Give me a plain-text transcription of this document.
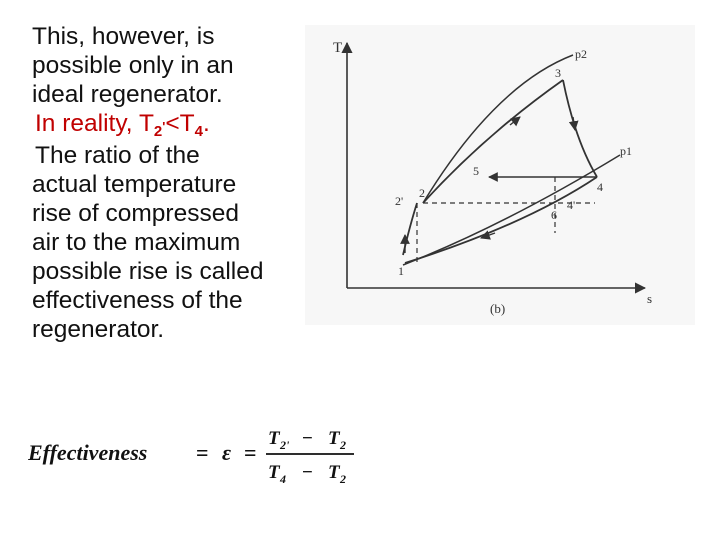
This, however, is

possible only in an

ideal regenerator.

In reality, $T_2'<T_4$.

The ratio of the

actual temperature

rise of compressed

air to the maximum

possible rise is called

effectiveness of the

regenerator.

T
s
(b)
p2
p1
1
2
2'
3
4
4'
5
6
Effectiveness = ε =
T 2' − T 2
T 4 − T 2
